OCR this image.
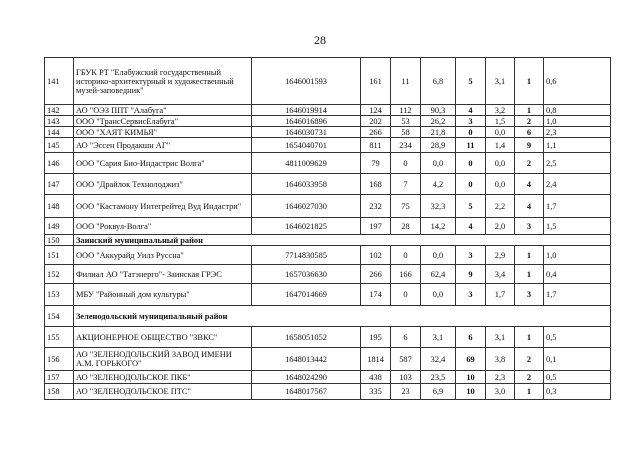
28
141	ГБУК РТ "Елабужский государственный историко-архитектурный и художественный музей-заповедник"	1646001593	161	11	6,8	5	3,1	1	0,6
142	АО "ОЭЗ ППТ "Алабуга"	1646019914	124	112	90,3	4	3,2	1	0,8
143	ООО "ТрансСервисЕлабуга"	1646016896	202	53	26,2	3	1,5	2	1,0
144	ООО "ХАЯТ КИМЬЯ"	1646030731	266	58	21,8	0	0,0	6	2,3
145	АО "Эссен Продакшн АГ"	1654040701	811	234	28,9	11	1,4	9	1,1
146	ООО "Сария Био-Индастрис Волга"	4811009629	79	0	0,0	0	0,0	2	2,5
147	ООО "Драйлок Технолоджиз"	1646033958	168	7	4,2	0	0,0	4	2,4
148	ООО "Кастамону Интегрейтед Вуд Индастри"	1646027030	232	75	32,3	5	2,2	4	1,7
149	ООО "Роквул-Волга"	1646021825	197	28	14,2	4	2,0	3	1,5
150	Заинский муниципальный район								
151	ООО "Аккурайд Уилз Руссна"	7714830585	102	0	0,0	3	2,9	1	1,0
152	Филиал АО "Татэнерго"- Заинская ГРЭС	1657036630	266	166	62,4	9	3,4	1	0,4
153	МБУ "Районный дом культуры"	1647014669	174	0	0,0	3	1,7	3	1,7
154	Зеленодольский муниципальный район								
155	АКЦИОНЕРНОЕ ОБЩЕСТВО "ЗВКС"	1658051052	195	6	3,1	6	3,1	1	0,5
156	АО "ЗЕЛЕНОДОЛЬСКИЙ ЗАВОД ИМЕНИ А.М. ГОРЬКОГО"	1648013442	1814	587	32,4	69	3,8	2	0,1
157	АО "ЗЕЛЕНОДОЛЬСКОЕ ПКБ"	1648024290	438	103	23,5	10	2,3	2	0,5
158	АО "ЗЕЛЕНОДОЛЬСКОЕ ПТС"	1648017567	335	23	6,9	10	3,0	1	0,3
